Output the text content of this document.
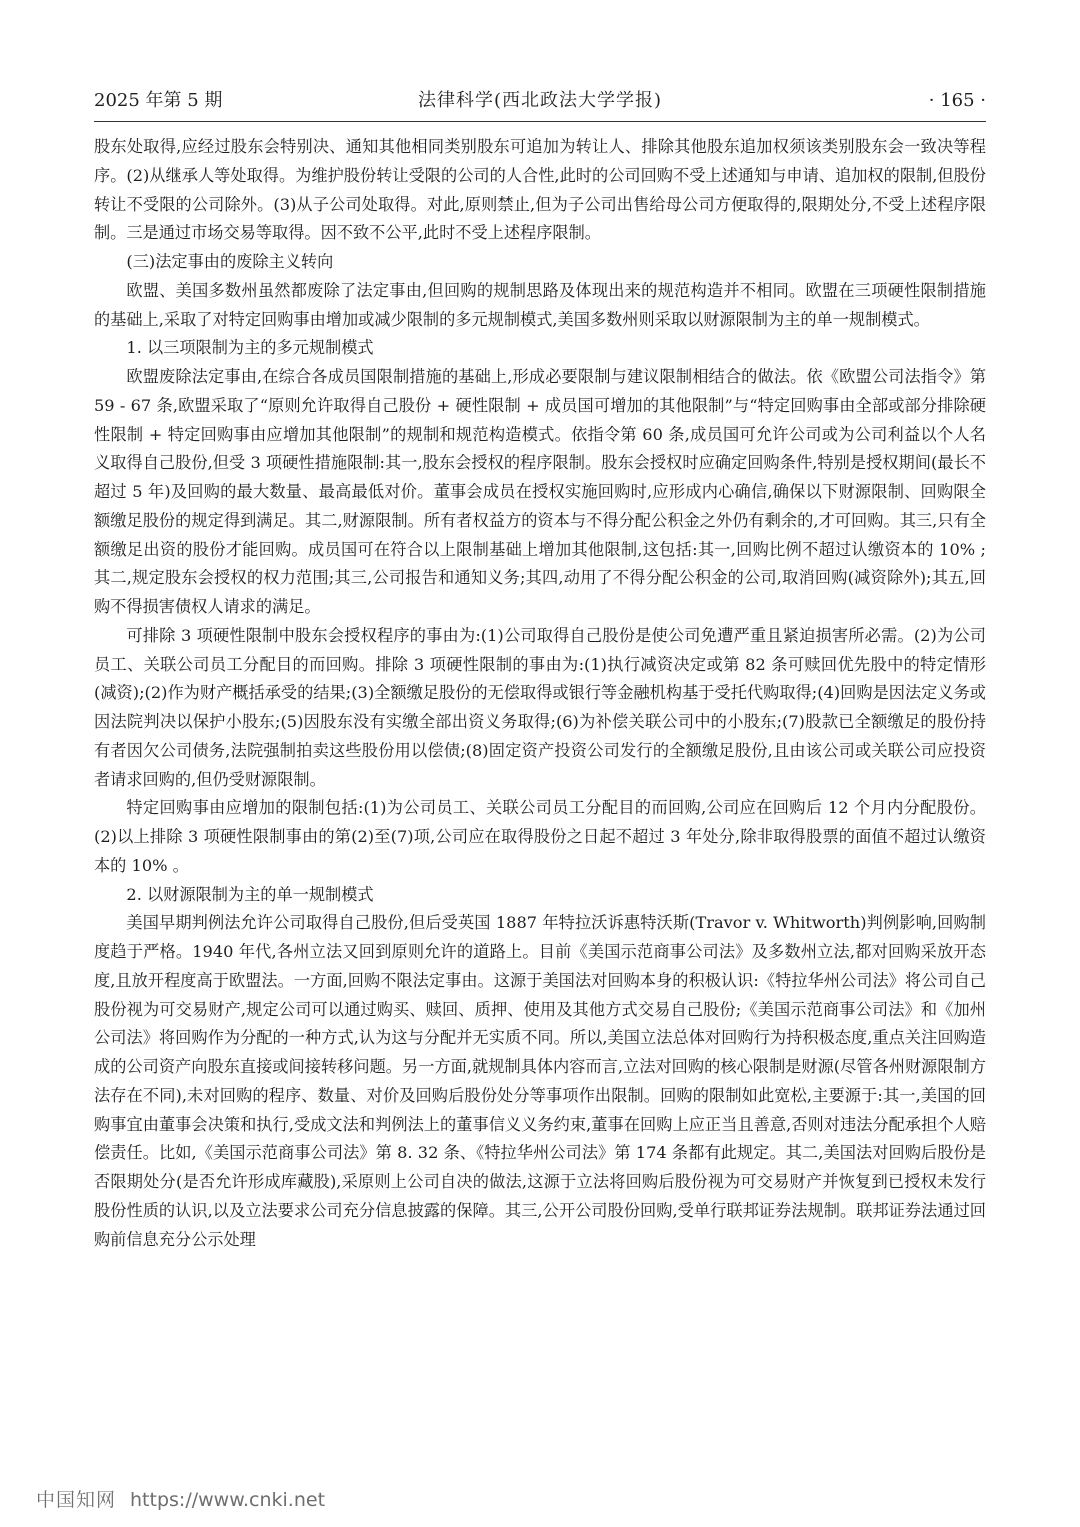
2025 年第 5 期	法律科学(西北政法大学学报)	· 165 ·

股东处取得,应经过股东会特别决、通知其他相同类别股东可追加为转让人、排除其他股东追加权须该类别股东会一致决等程序。(2)从继承人等处取得。为维护股份转让受限的公司的人合性,此时的公司回购不受上述通知与申请、追加权的限制,但股份转让不受限的公司除外。(3)从子公司处取得。对此,原则禁止,但为子公司出售给母公司方便取得的,限期处分,不受上述程序限制。三是通过市场交易等取得。因不致不公平,此时不受上述程序限制。

(三)法定事由的废除主义转向

欧盟、美国多数州虽然都废除了法定事由,但回购的规制思路及体现出来的规范构造并不相同。欧盟在三项硬性限制措施的基础上,采取了对特定回购事由增加或减少限制的多元规制模式,美国多数州则采取以财源限制为主的单一规制模式。

1. 以三项限制为主的多元规制模式

欧盟废除法定事由,在综合各成员国限制措施的基础上,形成必要限制与建议限制相结合的做法。依《欧盟公司法指令》第 59 - 67 条,欧盟采取了“原则允许取得自己股份 + 硬性限制 + 成员国可增加的其他限制”与“特定回购事由全部或部分排除硬性限制 + 特定回购事由应增加其他限制”的规制和规范构造模式。依指令第 60 条,成员国可允许公司或为公司利益以个人名义取得自己股份,但受 3 项硬性措施限制:其一,股东会授权的程序限制。股东会授权时应确定回购条件,特别是授权期间(最长不超过 5 年)及回购的最大数量、最高最低对价。董事会成员在授权实施回购时,应形成内心确信,确保以下财源限制、回购限全额缴足股份的规定得到满足。其二,财源限制。所有者权益方的资本与不得分配公积金之外仍有剩余的,才可回购。其三,只有全额缴足出资的股份才能回购。成员国可在符合以上限制基础上增加其他限制,这包括:其一,回购比例不超过认缴资本的 10% ;其二,规定股东会授权的权力范围;其三,公司报告和通知义务;其四,动用了不得分配公积金的公司,取消回购(减资除外);其五,回购不得损害债权人请求的满足。

可排除 3 项硬性限制中股东会授权程序的事由为:(1)公司取得自己股份是使公司免遭严重且紧迫损害所必需。(2)为公司员工、关联公司员工分配目的而回购。排除 3 项硬性限制的事由为:(1)执行减资决定或第 82 条可赎回优先股中的特定情形(减资);(2)作为财产概括承受的结果;(3)全额缴足股份的无偿取得或银行等金融机构基于受托代购取得;(4)回购是因法定义务或因法院判决以保护小股东;(5)因股东没有实缴全部出资义务取得;(6)为补偿关联公司中的小股东;(7)股款已全额缴足的股份持有者因欠公司债务,法院强制拍卖这些股份用以偿债;(8)固定资产投资公司发行的全额缴足股份,且由该公司或关联公司应投资者请求回购的,但仍受财源限制。

特定回购事由应增加的限制包括:(1)为公司员工、关联公司员工分配目的而回购,公司应在回购后 12 个月内分配股份。(2)以上排除 3 项硬性限制事由的第(2)至(7)项,公司应在取得股份之日起不超过 3 年处分,除非取得股票的面值不超过认缴资本的 10% 。

2. 以财源限制为主的单一规制模式

美国早期判例法允许公司取得自己股份,但后受英国 1887 年特拉沃诉惠特沃斯(Travor v. Whitworth)判例影响,回购制度趋于严格。1940 年代,各州立法又回到原则允许的道路上。目前《美国示范商事公司法》及多数州立法,都对回购采放开态度,且放开程度高于欧盟法。一方面,回购不限法定事由。这源于美国法对回购本身的积极认识:《特拉华州公司法》将公司自己股份视为可交易财产,规定公司可以通过购买、赎回、质押、使用及其他方式交易自己股份;《美国示范商事公司法》和《加州公司法》将回购作为分配的一种方式,认为这与分配并无实质不同。所以,美国立法总体对回购行为持积极态度,重点关注回购造成的公司资产向股东直接或间接转移问题。另一方面,就规制具体内容而言,立法对回购的核心限制是财源(尽管各州财源限制方法存在不同),未对回购的程序、数量、对价及回购后股份处分等事项作出限制。回购的限制如此宽松,主要源于:其一,美国的回购事宜由董事会决策和执行,受成文法和判例法上的董事信义义务约束,董事在回购上应正当且善意,否则对违法分配承担个人赔偿责任。比如,《美国示范商事公司法》第 8. 32 条、《特拉华州公司法》第 174 条都有此规定。其二,美国法对回购后股份是否限期处分(是否允许形成库藏股),采原则上公司自决的做法,这源于立法将回购后股份视为可交易财产并恢复到已授权未发行股份性质的认识,以及立法要求公司充分信息披露的保障。其三,公开公司股份回购,受单行联邦证券法规制。联邦证券法通过回购前信息充分公示处理

中国知网 https://www.cnki.net
